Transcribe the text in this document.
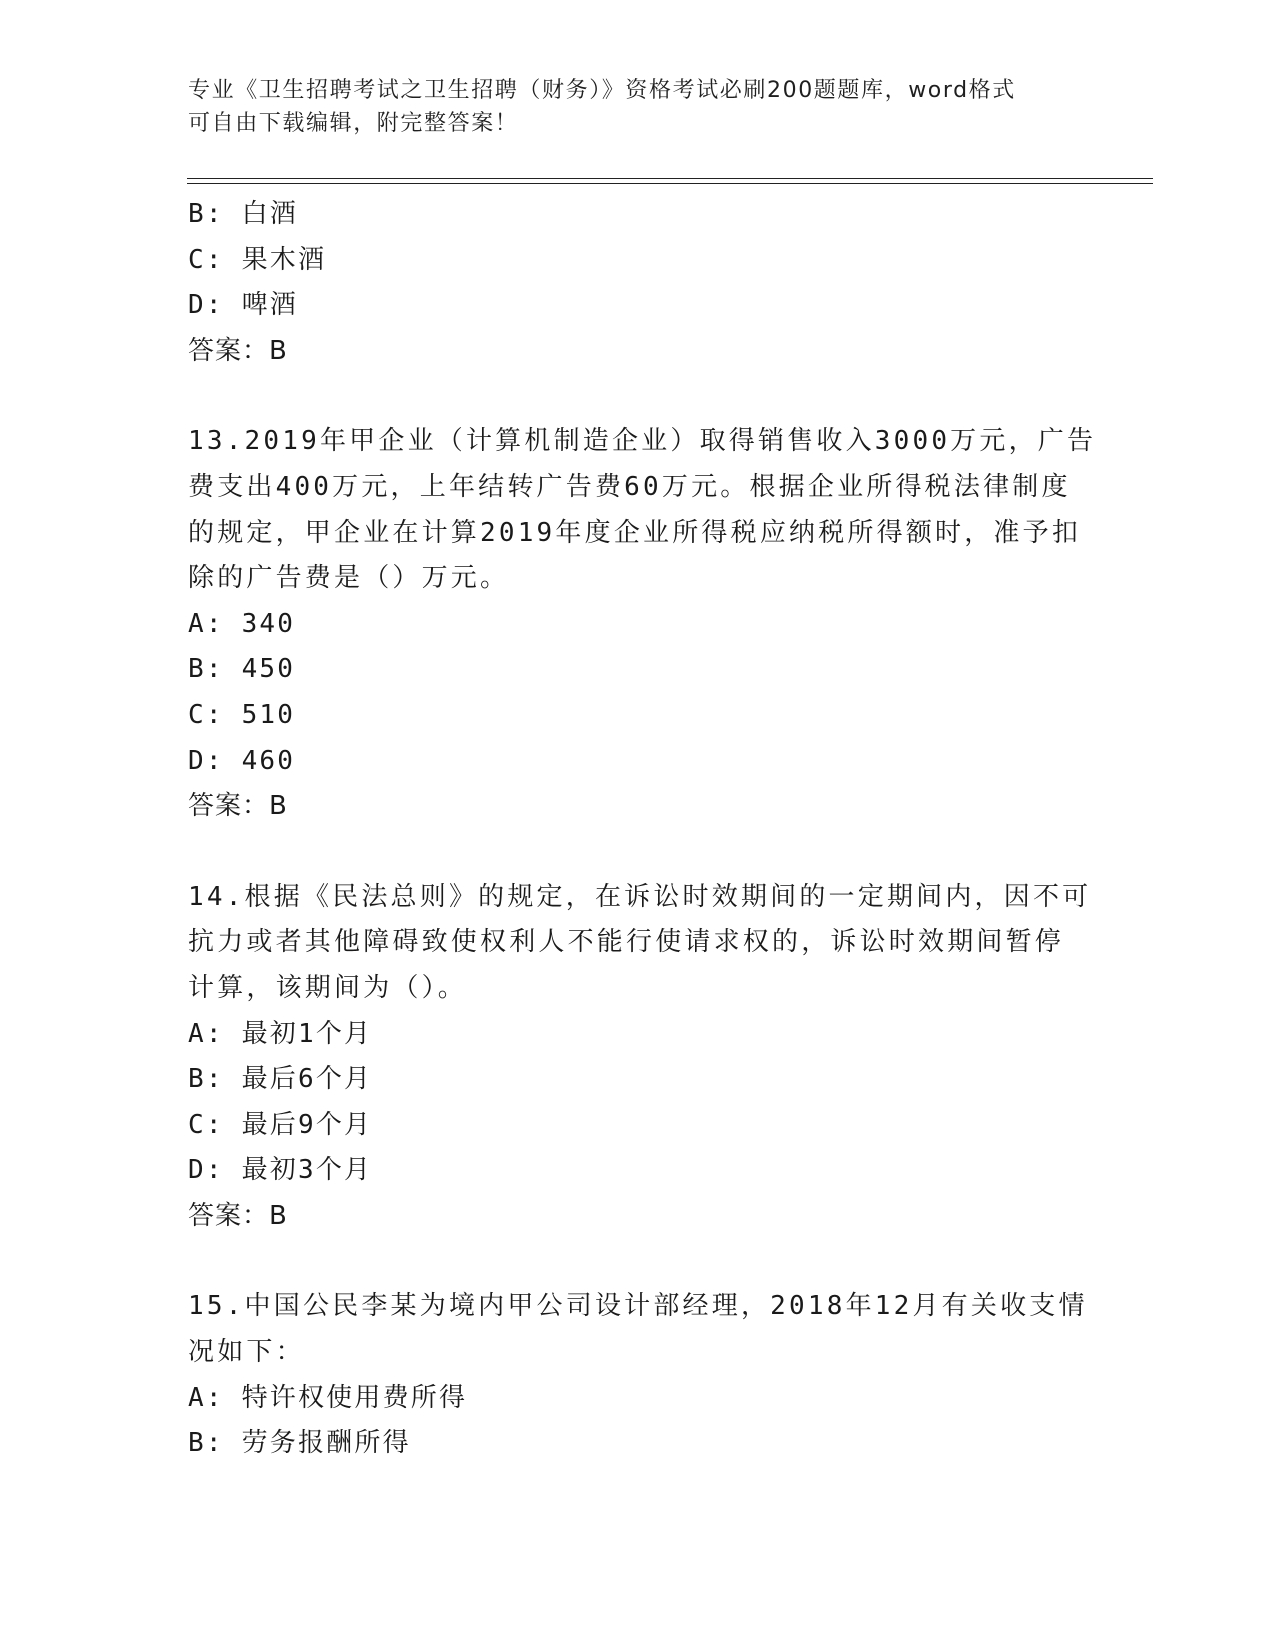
专业《卫生招聘考试之卫生招聘（财务）》资格考试必刷200题题库，word格式
可自由下载编辑，附完整答案！
B: 白酒
C: 果木酒
D: 啤酒
答案：B
13.2019年甲企业（计算机制造企业）取得销售收入3000万元，广告
费支出400万元，上年结转广告费60万元。根据企业所得税法律制度
的规定，甲企业在计算2019年度企业所得税应纳税所得额时，准予扣
除的广告费是（）万元。
A: 340
B: 450
C: 510
D: 460
答案：B
14.根据《民法总则》的规定，在诉讼时效期间的一定期间内，因不可
抗力或者其他障碍致使权利人不能行使请求权的，诉讼时效期间暂停
计算，该期间为（）。
A: 最初1个月
B: 最后6个月
C: 最后9个月
D: 最初3个月
答案：B
15.中国公民李某为境内甲公司设计部经理，2018年12月有关收支情
况如下：
A: 特许权使用费所得
B: 劳务报酬所得
